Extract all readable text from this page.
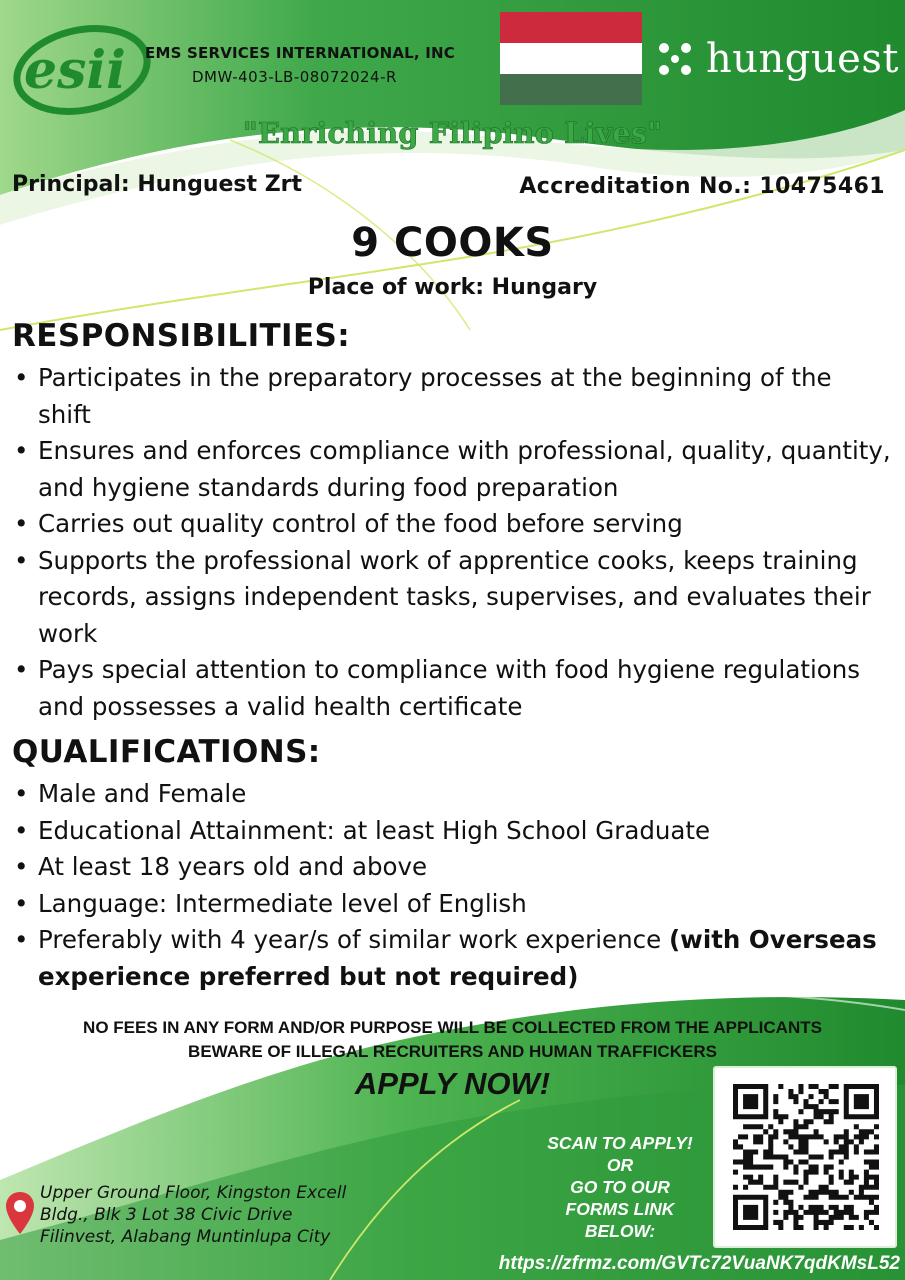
esii EMS SERVICES INTERNATIONAL, INC
DMW-403-LB-08072024-R	hunguest
"Enriching Filipino Lives"
Principal: Hunguest Zrt	Accreditation No.: 10475461
9 COOKS
Place of work: Hungary
RESPONSIBILITIES:
• Participates in the preparatory processes at the beginning of the shift
• Ensures and enforces compliance with professional, quality, quantity, and hygiene standards during food preparation
• Carries out quality control of the food before serving
• Supports the professional work of apprentice cooks, keeps training records, assigns independent tasks, supervises, and evaluates their work
• Pays special attention to compliance with food hygiene regulations and possesses a valid health certificate
QUALIFICATIONS:
• Male and Female
• Educational Attainment: at least High School Graduate
• At least 18 years old and above
• Language: Intermediate level of English
• Preferably with 4 year/s of similar work experience (with Overseas experience preferred but not required)
NO FEES IN ANY FORM AND/OR PURPOSE WILL BE COLLECTED FROM THE APPLICANTS
BEWARE OF ILLEGAL RECRUITERS AND HUMAN TRAFFICKERS
APPLY NOW!
Upper Ground Floor, Kingston Excell
Bldg., Blk 3 Lot 38 Civic Drive
Filinvest, Alabang Muntinlupa City
SCAN TO APPLY!
OR
GO TO OUR
FORMS LINK
BELOW:
https://zfrmz.com/GVTc72VuaNK7qdKMsL52
